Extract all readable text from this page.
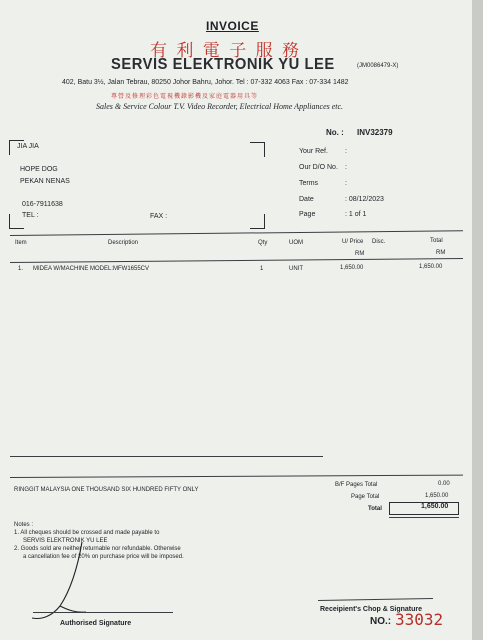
INVOICE
有 利 電 子 服 務
SERVIS ELEKTRONIK YU LEE	(JM0086479-X)
402, Batu 3½, Jalan Tebrau, 80250 Johor Bahru, Johor. Tel : 07-332 4063 Fax : 07-334 1482
專營及修理彩色電視機錄影機及家庭電器用具等
Sales & Service Colour T.V. Video Recorder, Electrical Home Appliances etc.
No. : INV32379
JIA JIA
HOPE DOG
PEKAN NENAS
016-7911638
TEL :	FAX :
Your Ref. :
Our D/O No. :
Terms	:
Date	: 08/12/2023
Page	: 1 of 1
Item	Description	Qty	UOM	U/ Price Disc.
RM
Total
RM
1. MIDEA W/MACHINE MODEL:MFW1655CV	1	UNIT	1,650.00	1,650.00
RINGGIT MALAYSIA ONE THOUSAND SIX HUNDRED FIFTY ONLY
B/F Pages Total	0.00
Page Total	1,650.00
Total	1,650.00
Notes :
1. All cheques should be crossed and made payable to
SERVIS ELEKTRONIK YU LEE
2. Goods sold are neither returnable nor refundable. Otherwise
a cancellation fee of 20% on purchase price will be imposed.
Authorised Signature
Receipient's Chop & Signature
NO.: 33032
